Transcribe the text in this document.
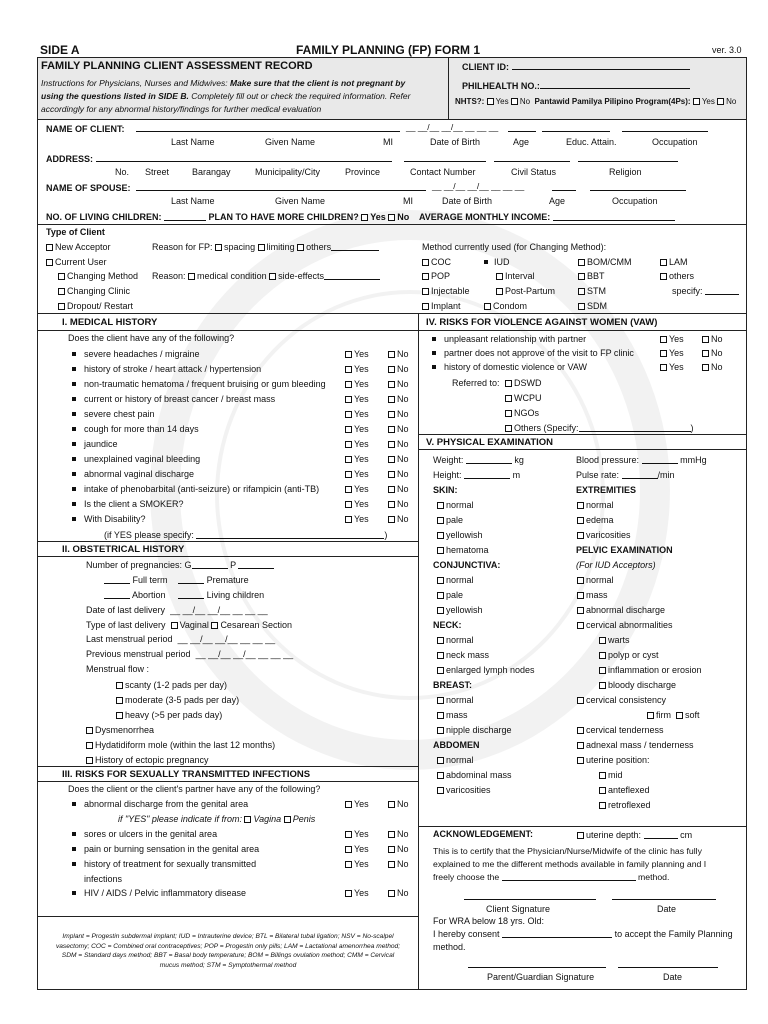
SIDE A	FAMILY PLANNING (FP) FORM 1	ver. 3.0
FAMILY PLANNING CLIENT ASSESSMENT RECORD
Instructions for Physicians, Nurses and Midwives: Make sure that the client is not pregnant by
using the questions listed in SIDE B. Completely fill out or check the required information. Refer
accordingly for any abnormal history/findings for further medical evaluation
CLIENT ID:
PHILHEALTH NO.:
NHTS?: Yes No Pantawid Pamilya Pilipino Program(4Ps): Yes No
NAME OF CLIENT:	__ __/__ __/__ __ __ __
Last Name	Given Name	MI	Date of Birth	Age	Educ. Attain.	Occupation
ADDRESS:
No. Street	Barangay	Municipality/City	Province	Contact Number	Civil Status	Religion
NAME OF SPOUSE:	__ __/__ __/__ __ __ __
Last Name	Given Name	MI	Date of Birth	Age	Occupation
NO. OF LIVING CHILDREN:	PLAN TO HAVE MORE CHILDREN? Yes No AVERAGE MONTHLY INCOME:
Type of Client
New Acceptor	Reason for FP: spacing limiting others
Current User
Changing Method Reason: medical condition side-effects
Changing Clinic
Dropout/ Restart
Method currently used (for Changing Method):
COC	IUD	BOM/CMM	LAM
POP	Interval	BBT	others
Injectable	Post-Partum	STM	specify:
Implant	Condom	SDM
I. MEDICAL HISTORY
Does the client have any of the following?
severe headaches / migraine	Yes	No
history of stroke / heart attack / hypertension	Yes	No
non-traumatic hematoma / frequent bruising or gum bleeding	Yes	No
current or history of breast cancer / breast mass	Yes	No
severe chest pain	Yes	No
cough for more than 14 days	Yes	No
jaundice	Yes	No
unexplained vaginal bleeding	Yes	No
abnormal vaginal discharge	Yes	No
intake of phenobarbital (anti-seizure) or rifampicin (anti-TB)	Yes	No
Is the client a SMOKER?	Yes	No
With Disability?	Yes	No
(if YES please specify:	)
II. OBSTETRICAL HISTORY
Number of pregnancies: G	P
Full term	Premature
Abortion	Living children
Date of last delivery __ __/__ __/__ __ __ __
Type of last delivery Vaginal Cesarean Section
Last menstrual period __ __/__ __/__ __ __ __
Previous menstrual period __ __/__ __/__ __ __ __
Menstrual flow :
scanty (1-2 pads per day)
moderate (3-5 pads per day)
heavy (>5 per pads day)
Dysmenorrhea
Hydatidiform mole (within the last 12 months)
History of ectopic pregnancy
III. RISKS FOR SEXUALLY TRANSMITTED INFECTIONS
Does the client or the client's partner have any of the following?
abnormal discharge from the genital area	Yes	No
if "YES" please indicate if from: Vagina Penis
sores or ulcers in the genital area	Yes	No
pain or burning sensation in the genital area	Yes	No
history of treatment for sexually transmitted	Yes	No
HIV / AIDS / Pelvic inflammatory disease	Yes	No
infections
Implant = Progestin subdermal implant; IUD = Intrauterine device; BTL = Bilateral tubal ligation; NSV = No-scalpel
vasectomy; COC = Combined oral contraceptives; POP = Progestin only pills; LAM = Lactational amenorrhea method;
SDM = Standard days method; BBT = Basal body temperature; BOM = Billings ovulation method; CMM = Cervical
mucus method; STM = Symptothermal method
IV. RISKS FOR VIOLENCE AGAINST WOMEN (VAW)
unpleasant relationship with partner	Yes	No
partner does not approve of the visit to FP clinic	Yes	No
history of domestic violence or VAW	Yes	No
Referred to:	DSWD
WCPU
NGOs
Others (Specify:	)
V. PHYSICAL EXAMINATION
Weight:	kg	Blood pressure:	mmHg
Height:	m	Pulse rate:	/min
SKIN:	EXTREMITIES
normal
pale
yellowish
hematoma
CONJUNCTIVA:
normal
pale
yellowish
NECK:
normal
neck mass
enlarged lymph nodes
BREAST:
normal
mass
nipple discharge
ABDOMEN
normal
abdominal mass
varicosities
normal
edema
varicosities
PELVIC EXAMINATION
(For IUD Acceptors)
normal
mass
abnormal discharge
cervical abnormalities
warts
polyp or cyst
inflammation or erosion
bloody discharge
cervical consistency
firm soft
cervical tenderness
adnexal mass / tenderness
uterine position:
mid
anteflexed
retroflexed
uterine depth:	cm
ACKNOWLEDGEMENT:
This is to certify that the Physician/Nurse/Midwife of the clinic has fully
explained to me the different methods available in family planning and I
freely choose the	method.
Client Signature	Date
For WRA below 18 yrs. Old:
I hereby consent	to accept the Family Planning
method.
Parent/Guardian Signature	Date
